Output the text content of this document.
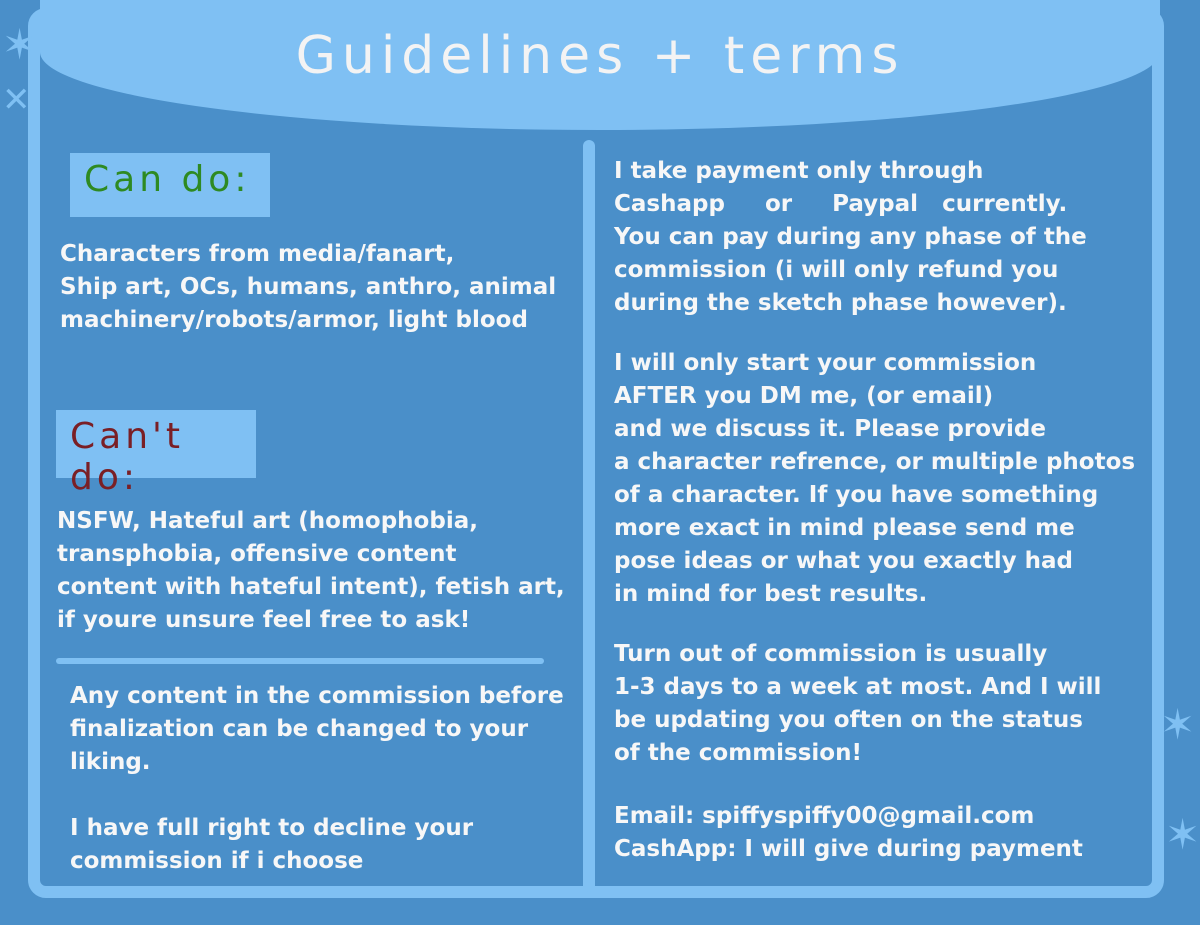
Guidelines + terms
Can do:

Characters from media/fanart,
Ship art, OCs, humans, anthro, animal
machinery/robots/armor, light blood

Can't do:

NSFW, Hateful art (homophobia,
transphobia, offensive content
content with hateful intent), fetish art,
if youre unsure feel free to ask!

Any content in the commission before
finalization can be changed to your
liking.

I have full right to decline your
commission if i choose

I take payment only through
Cashapp     or     Paypal   currently.
You can pay during any phase of the
commission (i will only refund you
during the sketch phase however).

I will only start your commission
AFTER you DM me, (or email)
and we discuss it. Please provide
a character refrence, or multiple photos
of a character. If you have something
more exact in mind please send me
pose ideas or what you exactly had
in mind for best results.

Turn out of commission is usually
1-3 days to a week at most. And I will
be updating you often on the status
of the commission!

Email: spiffyspiffy00@gmail.com
CashApp: I will give during payment

✶
✕
✶
✶
